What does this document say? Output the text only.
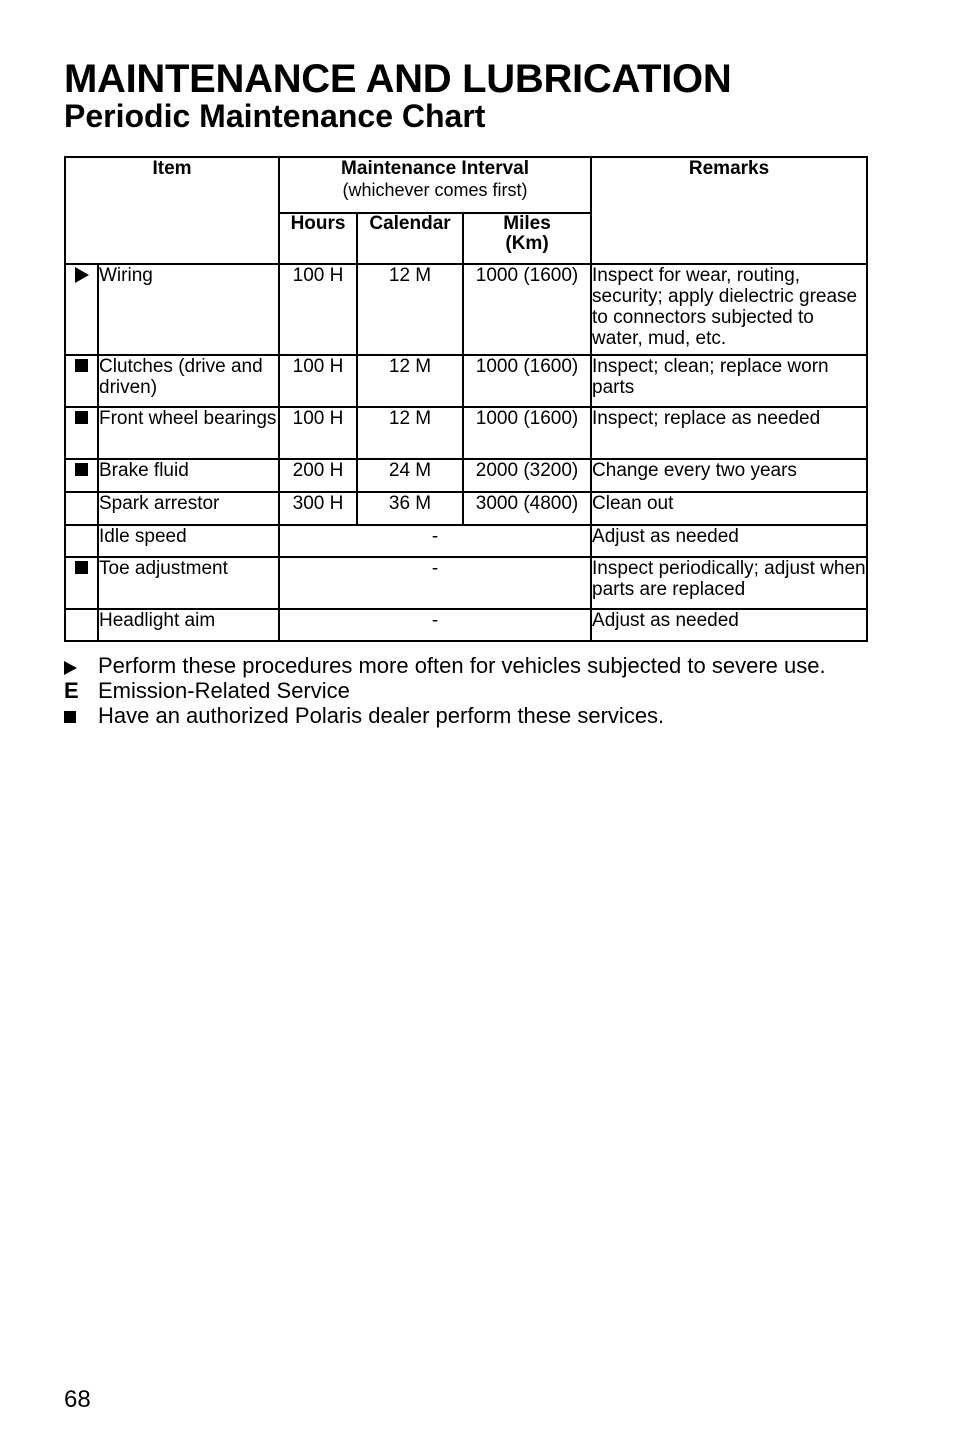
MAINTENANCE AND LUBRICATION
Periodic Maintenance Chart
Item		Maintenance Interval
(whichever comes first)			Remarks
		Hours	Calendar	Miles
(Km)	
	Wiring	100 H	12 M	1000 (1600)	Inspect for wear, routing, security; apply dielectric grease to connectors subjected to water, mud, etc.
	Clutches (drive and driven)	100 H	12 M	1000 (1600)	Inspect; clean; replace worn parts
	Front wheel bearings	100 H	12 M	1000 (1600)	Inspect; replace as needed
	Brake fluid	200 H	24 M	2000 (3200)	Change every two years
	Spark arrestor	300 H	36 M	3000 (4800)	Clean out
	Idle speed	-			Adjust as needed
	Toe adjustment	-			Inspect periodically; adjust when parts are replaced
	Headlight aim	-			Adjust as needed
Perform these procedures more often for vehicles subjected to severe use.
E Emission-Related Service
Have an authorized Polaris dealer perform these services.
68
